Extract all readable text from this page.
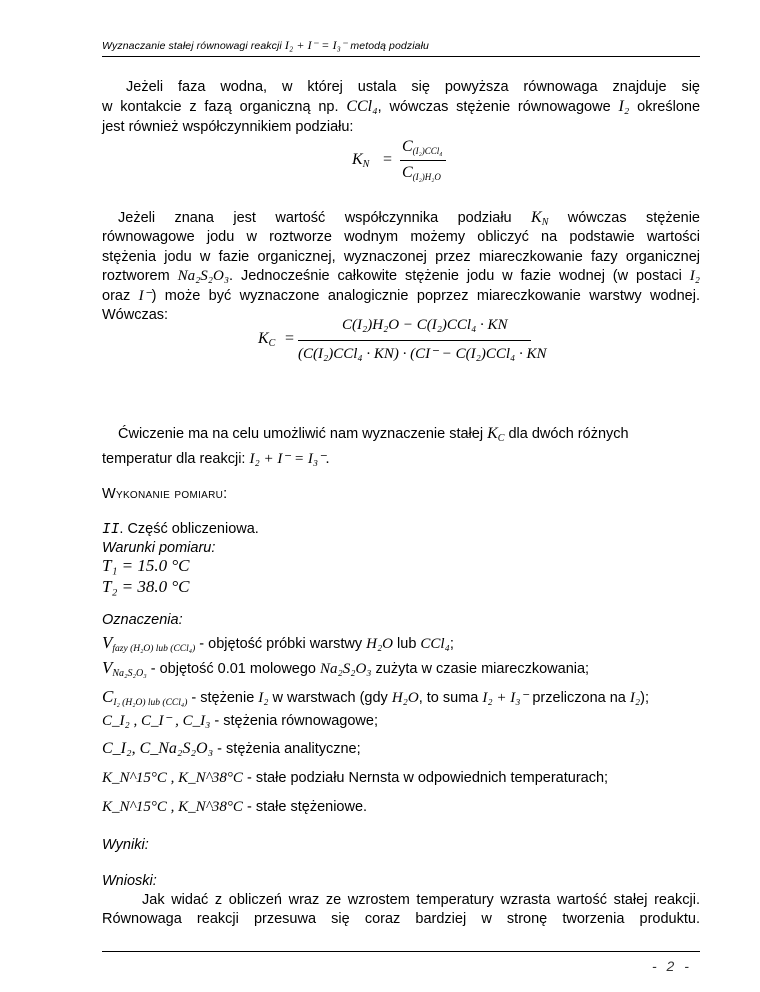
Wyznaczanie stałej równowagi reakcji I₂ + I⁻ = I₃⁻ metodą podziału
Jeżeli faza wodna, w której ustala się powyższa równowaga znajduje się
w kontakcie z fazą organiczną np. CCl₄, wówczas stężenie równowagowe I₂ określone
jest również współczynnikiem podziału:
$K_N$ =
$C_{(I_2)CCl_4}$
$C_{(I_2)H_2O}$
Jeżeli znana jest wartość współczynnika podziału $K_N$ wówczas stężenie
równowagowe jodu w roztworze wodnym możemy obliczyć na podstawie wartości
stężenia jodu w fazie organicznej, wyznaczonej przez miareczkowanie fazy organicznej
roztworem Na₂S₂O₃. Jednocześnie całkowite stężenie jodu w fazie wodnej (w postaci I₂
oraz I⁻) może być wyznaczone analogicznie poprzez miareczkowanie warstwy wodnej.
Wówczas:
$K_C$ =
C(I₂)H₂O − C(I₂)CCl₄ · KN
(C(I₂)CCl₄ · KN) · (CI⁻ − C(I₂)CCl₄ · KN
Ćwiczenie ma na celu umożliwić nam wyznaczenie stałej $K_C$ dla dwóch różnych
temperatur dla reakcji: I₂ + I⁻ = I₃⁻.
Wykonanie pomiaru:
II. Część obliczeniowa.
Warunki pomiaru:
T₁ = 15.0 °C
T₂ = 38.0 °C
Oznaczenia:
$V_{fazy (H_2O) lub (CCl_4)}$ - objętość próbki warstwy H₂O lub CCl₄;
$V_{Na_2S_2O_3}$ - objętość 0.01 molowego Na₂S₂O₃ zużyta w czasie miareczkowania;
$C_{I_2 (H_2O) lub (CCl_4)}$ - stężenie I₂ w warstwach (gdy H₂O, to suma I₂ + I₃⁻ przeliczona na I₂);
C_I₂ , C_I⁻ , C_I₃ - stężenia równowagowe;
C_I₂, C_Na₂S₂O₃ - stężenia analityczne;
K_N^15°C , K_N^38°C - stałe podziału Nernsta w odpowiednich temperaturach;
K_N^15°C , K_N^38°C - stałe stężeniowe.
Wyniki:
Wnioski:
Jak widać z obliczeń wraz ze wzrostem temperatury wzrasta wartość stałej reakcji.
Równowaga reakcji przesuwa się coraz bardziej w stronę tworzenia produktu.
- 2 -
